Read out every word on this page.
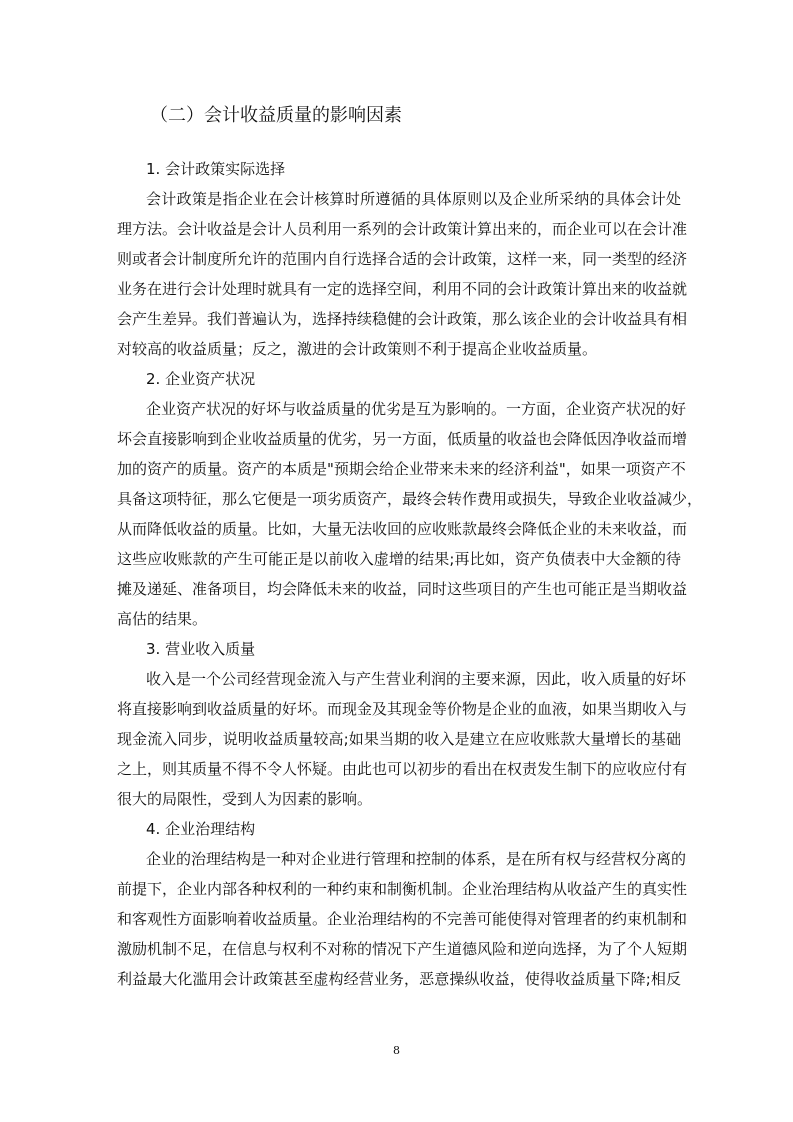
（二）会计收益质量的影响因素
1. 会计政策实际选择

会计政策是指企业在会计核算时所遵循的具体原则以及企业所采纳的具体会计处
理方法。会计收益是会计人员利用一系列的会计政策计算出来的，而企业可以在会计准
则或者会计制度所允许的范围内自行选择合适的会计政策，这样一来，同一类型的经济
业务在进行会计处理时就具有一定的选择空间，利用不同的会计政策计算出来的收益就
会产生差异。我们普遍认为，选择持续稳健的会计政策，那么该企业的会计收益具有相
对较高的收益质量；反之，激进的会计政策则不利于提高企业收益质量。

2. 企业资产状况

企业资产状况的好坏与收益质量的优劣是互为影响的。一方面，企业资产状况的好
坏会直接影响到企业收益质量的优劣，另一方面，低质量的收益也会降低因净收益而增
加的资产的质量。资产的本质是"预期会给企业带来未来的经济利益"，如果一项资产不
具备这项特征，那么它便是一项劣质资产，最终会转作费用或损失，导致企业收益减少，
从而降低收益的质量。比如，大量无法收回的应收账款最终会降低企业的未来收益，而
这些应收账款的产生可能正是以前收入虚增的结果;再比如，资产负债表中大金额的待
摊及递延、准备项目，均会降低未来的收益，同时这些项目的产生也可能正是当期收益
高估的结果。

3. 营业收入质量

收入是一个公司经营现金流入与产生营业利润的主要来源，因此，收入质量的好坏
将直接影响到收益质量的好坏。而现金及其现金等价物是企业的血液，如果当期收入与
现金流入同步，说明收益质量较高;如果当期的收入是建立在应收账款大量增长的基础
之上，则其质量不得不令人怀疑。由此也可以初步的看出在权责发生制下的应收应付有
很大的局限性，受到人为因素的影响。

4. 企业治理结构

企业的治理结构是一种对企业进行管理和控制的体系，是在所有权与经营权分离的
前提下，企业内部各种权利的一种约束和制衡机制。企业治理结构从收益产生的真实性
和客观性方面影响着收益质量。企业治理结构的不完善可能使得对管理者的约束机制和
激励机制不足，在信息与权利不对称的情况下产生道德风险和逆向选择，为了个人短期
利益最大化滥用会计政策甚至虚构经营业务，恶意操纵收益，使得收益质量下降;相反

8
